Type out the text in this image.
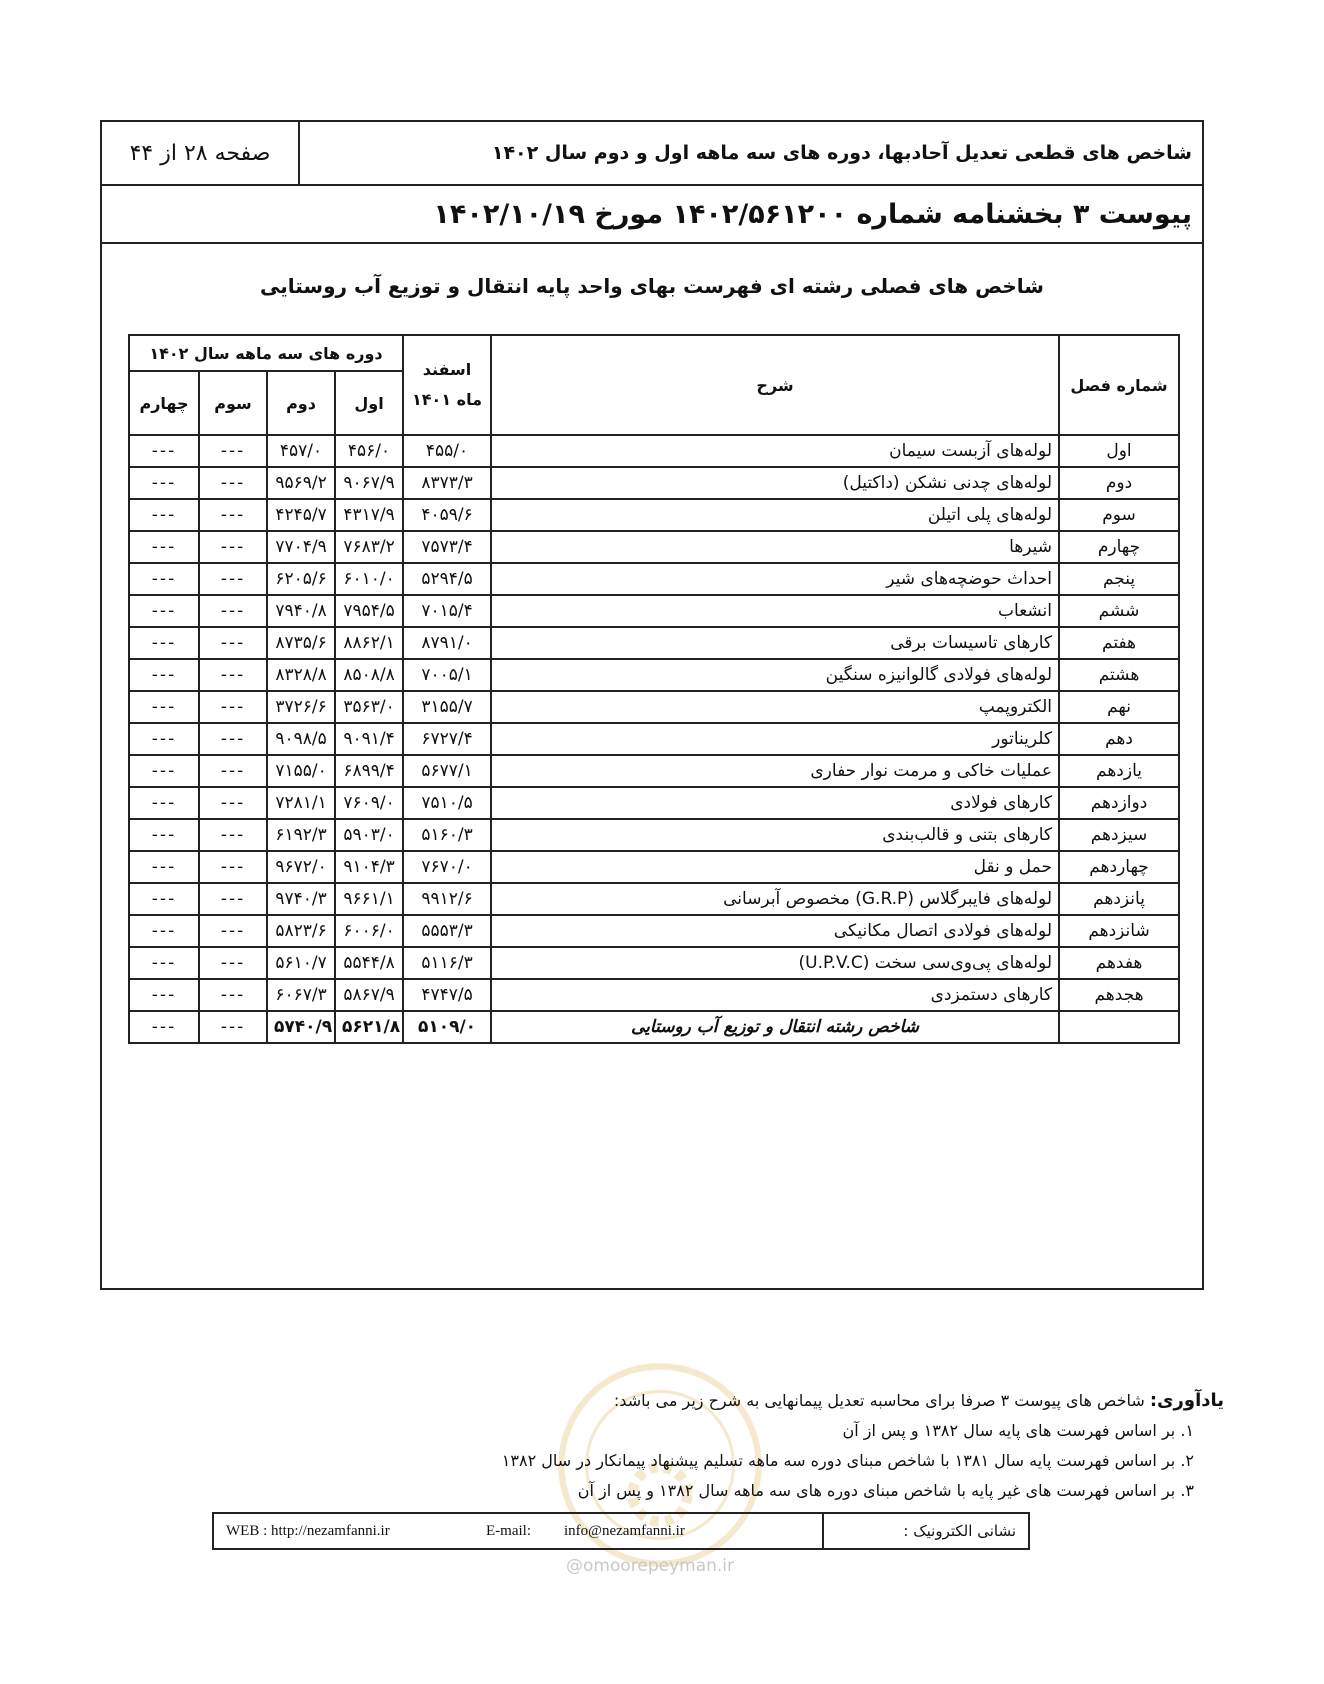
صفحه ۲۸ از ۴۴	شاخص های قطعی تعدیل آحادبها، دوره های سه ماهه اول و دوم سال ۱۴۰۲
پیوست ۳ بخشنامه شماره ۱۴۰۲/۵۶۱۲۰۰ مورخ ۱۴۰۲/۱۰/۱۹
شاخص های فصلی رشته ای فهرست بهای واحد پایه انتقال و توزیع آب روستایی
شماره فصل	شرح	اسفند ماه ۱۴۰۱	دوره های سه ماهه سال ۱۴۰۲			
			اول	دوم	سوم	چهارم
اول	لوله‌های آزبست سیمان	۴۵۵/۰	۴۵۶/۰	۴۵۷/۰	---	---
دوم	لوله‌های چدنی نشکن (داکتیل)	۸۳۷۳/۳	۹۰۶۷/۹	۹۵۶۹/۲	---	---
سوم	لوله‌های پلی اتیلن	۴۰۵۹/۶	۴۳۱۷/۹	۴۲۴۵/۷	---	---
چهارم	شیرها	۷۵۷۳/۴	۷۶۸۳/۲	۷۷۰۴/۹	---	---
پنجم	احداث حوضچه‌های شیر	۵۲۹۴/۵	۶۰۱۰/۰	۶۲۰۵/۶	---	---
ششم	انشعاب	۷۰۱۵/۴	۷۹۵۴/۵	۷۹۴۰/۸	---	---
هفتم	کارهای تاسیسات برقی	۸۷۹۱/۰	۸۸۶۲/۱	۸۷۳۵/۶	---	---
هشتم	لوله‌های فولادی گالوانیزه سنگین	۷۰۰۵/۱	۸۵۰۸/۸	۸۳۲۸/۸	---	---
نهم	الکتروپمپ	۳۱۵۵/۷	۳۵۶۳/۰	۳۷۲۶/۶	---	---
دهم	کلریناتور	۶۷۲۷/۴	۹۰۹۱/۴	۹۰۹۸/۵	---	---
یازدهم	عملیات خاکی و مرمت نوار حفاری	۵۶۷۷/۱	۶۸۹۹/۴	۷۱۵۵/۰	---	---
دوازدهم	کارهای فولادی	۷۵۱۰/۵	۷۶۰۹/۰	۷۲۸۱/۱	---	---
سیزدهم	کارهای بتنی و قالب‌بندی	۵۱۶۰/۳	۵۹۰۳/۰	۶۱۹۲/۳	---	---
چهاردهم	حمل و نقل	۷۶۷۰/۰	۹۱۰۴/۳	۹۶۷۲/۰	---	---
پانزدهم	لوله‌های فایبرگلاس (G.R.P) مخصوص آبرسانی	۹۹۱۲/۶	۹۶۶۱/۱	۹۷۴۰/۳	---	---
شانزدهم	لوله‌های فولادی اتصال مکانیکی	۵۵۵۳/۳	۶۰۰۶/۰	۵۸۲۳/۶	---	---
هفدهم	لوله‌های پی‌وی‌سی سخت (U.P.V.C)	۵۱۱۶/۳	۵۵۴۴/۸	۵۶۱۰/۷	---	---
هجدهم	کارهای دستمزدی	۴۷۴۷/۵	۵۸۶۷/۹	۶۰۶۷/۳	---	---
	شاخص رشته انتقال و توزیع آب روستایی	۵۱۰۹/۰	۵۶۲۱/۸	۵۷۴۰/۹	---	---
یادآوری: شاخص های پیوست ۳ صرفا برای محاسبه تعدیل پیمانهایی به شرح زیر می باشد:
۱. بر اساس فهرست های پایه سال ۱۳۸۲ و پس از آن
۲. بر اساس فهرست پایه سال ۱۳۸۱ با شاخص مبنای دوره سه ماهه تسلیم پیشنهاد پیمانکار در سال ۱۳۸۲
۳. بر اساس فهرست های غیر پایه با شاخص مبنای دوره های سه ماهه سال ۱۳۸۲ و پس از آن
WEB : http://nezamfanni.ir	E-mail:	info@nezamfanni.ir	نشانی الکترونیک :
@omoorepeyman.ir
